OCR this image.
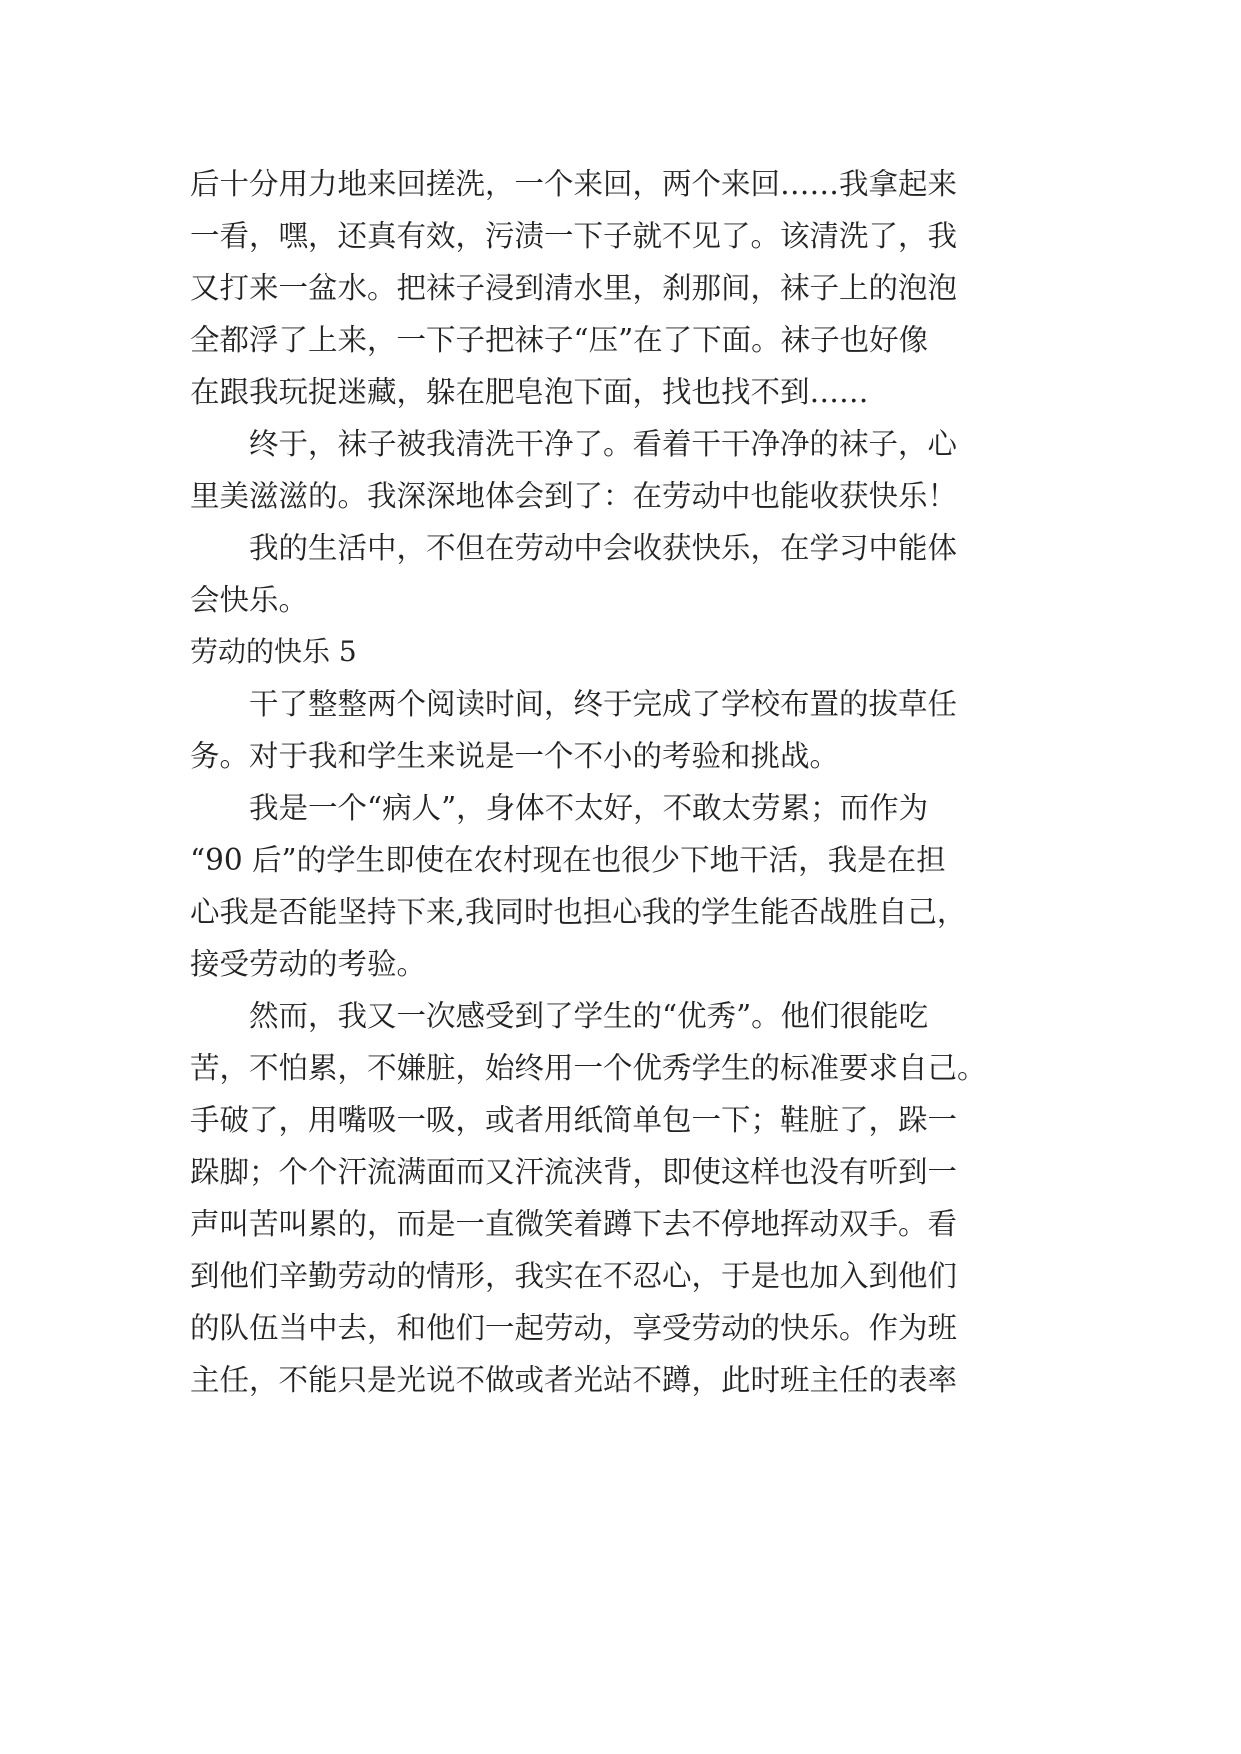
后十分用力地来回搓洗，一个来回，两个来回……我拿起来
一看，嘿，还真有效，污渍一下子就不见了。该清洗了，我
又打来一盆水。把袜子浸到清水里，刹那间，袜子上的泡泡
全都浮了上来，一下子把袜子“压”在了下面。袜子也好像
在跟我玩捉迷藏，躲在肥皂泡下面，找也找不到……
　　终于，袜子被我清洗干净了。看着干干净净的袜子，心
里美滋滋的。我深深地体会到了：在劳动中也能收获快乐！
　　我的生活中，不但在劳动中会收获快乐，在学习中能体
会快乐。
劳动的快乐 5
　　干了整整两个阅读时间，终于完成了学校布置的拔草任
务。对于我和学生来说是一个不小的考验和挑战。
　　我是一个“病人”，身体不太好，不敢太劳累；而作为
“90 后”的学生即使在农村现在也很少下地干活，我是在担
心我是否能坚持下来,我同时也担心我的学生能否战胜自己，
接受劳动的考验。
　　然而，我又一次感受到了学生的“优秀”。他们很能吃
苦，不怕累，不嫌脏，始终用一个优秀学生的标准要求自己。
手破了，用嘴吸一吸，或者用纸简单包一下；鞋脏了，跺一
跺脚；个个汗流满面而又汗流浃背，即使这样也没有听到一
声叫苦叫累的，而是一直微笑着蹲下去不停地挥动双手。看
到他们辛勤劳动的情形，我实在不忍心，于是也加入到他们
的队伍当中去，和他们一起劳动，享受劳动的快乐。作为班
主任，不能只是光说不做或者光站不蹲，此时班主任的表率
